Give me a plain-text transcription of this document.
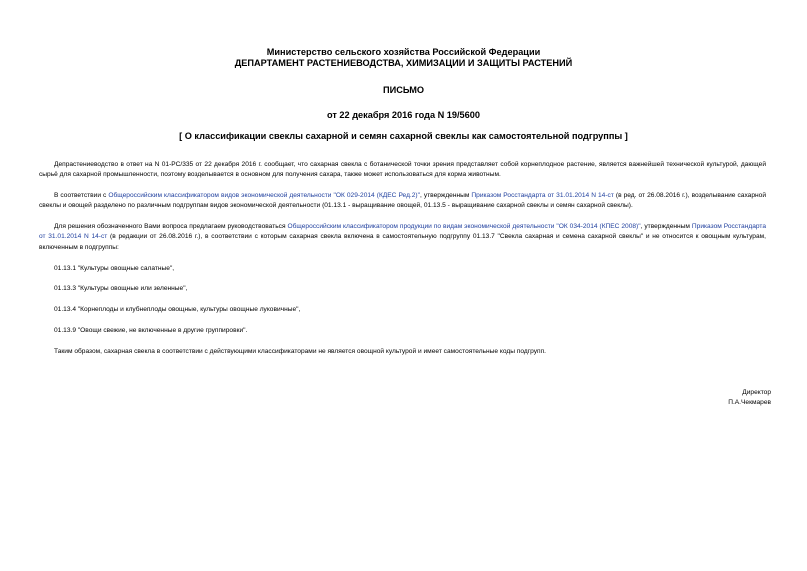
Министерство сельского хозяйства Российской Федерации
ДЕПАРТАМЕНТ РАСТЕНИЕВОДСТВА, ХИМИЗАЦИИ И ЗАЩИТЫ РАСТЕНИЙ
ПИСЬМО
от 22 декабря 2016 года N 19/5600
[ О классификации свеклы сахарной и семян сахарной свеклы как самостоятельной подгруппы ]

Депрастениеводство в ответ на N 01-РС/335 от 22 декабря 2016 г. сообщает, что сахарная свекла с ботанической точки зрения представляет собой корнеплодное растение, является важнейшей технической культурой, дающей сырьё для сахарной промышленности, поэтому возделывается в основном для получения сахара, также может использоваться для корма животным.

В соответствии с Общероссийским классификатором видов экономической деятельности "ОК 029-2014 (КДЕС Ред.2)", утвержденным Приказом Росстандарта от 31.01.2014 N 14-ст (в ред. от 26.08.2016 г.), возделывание сахарной свеклы и овощей разделено по различным подгруппам видов экономической деятельности (01.13.1 - выращивание овощей, 01.13.5 - выращивание сахарной свеклы и семян сахарной свеклы).

Для решения обозначенного Вами вопроса предлагаем руководствоваться Общероссийским классификатором продукции по видам экономической деятельности "ОК 034-2014 (КПЕС 2008)", утвержденным Приказом Росстандарта от 31.01.2014 N 14-ст (в редакции от 26.08.2016 г.), в соответствии с которым сахарная свекла включена в самостоятельную подгруппу 01.13.7 "Свекла сахарная и семена сахарной свеклы" и не относится к овощным культурам, включенным в подгруппы:

01.13.1 "Культуры овощные салатные",

01.13.3 "Культуры овощные или зеленные",

01.13.4 "Корнеплоды и клубнеплоды овощные, культуры овощные луковичные",

01.13.9 "Овощи свежие, не включенные в другие группировки".

Таким образом, сахарная свекла в соответствии с действующими классификаторами не является овощной культурой и имеет самостоятельные коды подгрупп.

Директор
П.А.Чекмарев
